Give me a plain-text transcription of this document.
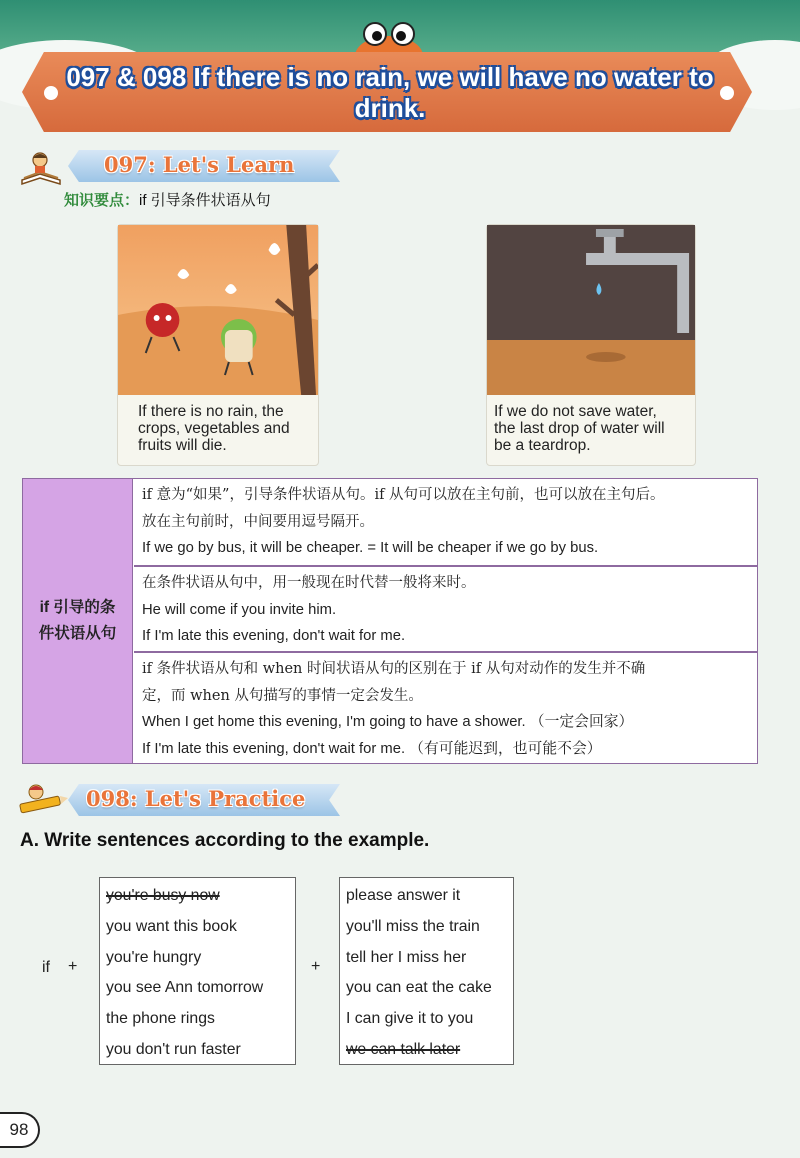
097 & 098 If there is no rain, we will have no water to drink.
097: Let's Learn
知识要点：if 引导条件状语从句
If there is no rain, the
crops, vegetables and
fruits will die.
If we do not save water,
the last drop of water will
be a teardrop.
if 引导的条
件状语从句
if 意为“如果”，引导条件状语从句。if 从句可以放在主句前，也可以放在主句后。
放在主句前时，中间要用逗号隔开。
If we go by bus, it will be cheaper. = It will be cheaper if we go by bus.
在条件状语从句中，用一般现在时代替一般将来时。
He will come if you invite him.
If I'm late this evening, don't wait for me.
if 条件状语从句和 when 时间状语从句的区别在于 if 从句对动作的发生并不确
定，而 when 从句描写的事情一定会发生。
When I get home this evening, I'm going to have a shower. （一定会回家）
If I'm late this evening, don't wait for me. （有可能迟到，也可能不会）
098: Let's Practice
A. Write sentences according to the example.
if +
you're busy now
you want this book
you're hungry
you see Ann tomorrow
the phone rings
you don't run faster
+
please answer it
you'll miss the train
tell her I miss her
you can eat the cake
I can give it to you
we can talk later
98
